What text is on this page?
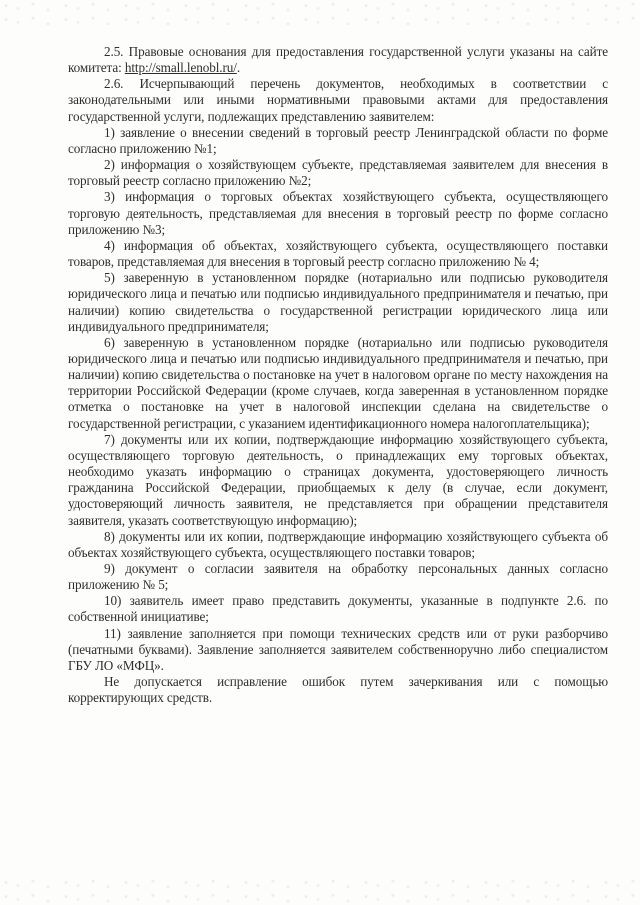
2.5. Правовые основания для предоставления государственной услуги указаны на сайте комитета: http://small.lenobl.ru/.

2.6. Исчерпывающий перечень документов, необходимых в соответствии с законодательными или иными нормативными правовыми актами для предоставления государственной услуги, подлежащих представлению заявителем:

1) заявление о внесении сведений в торговый реестр Ленинградской области по форме согласно приложению №1;

2) информация о хозяйствующем субъекте, представляемая заявителем для внесения в торговый реестр согласно приложению №2;

3) информация о торговых объектах хозяйствующего субъекта, осуществляющего торговую деятельность, представляемая для внесения в торговый реестр по форме согласно приложению №3;

4) информация об объектах, хозяйствующего субъекта, осуществляющего поставки товаров, представляемая для внесения в торговый реестр согласно приложению № 4;

5) заверенную в установленном порядке (нотариально или подписью руководителя юридического лица и печатью или подписью индивидуального предпринимателя и печатью, при наличии) копию свидетельства о государственной регистрации юридического лица или индивидуального предпринимателя;

6) заверенную в установленном порядке (нотариально или подписью руководителя юридического лица и печатью или подписью индивидуального предпринимателя и печатью, при наличии) копию свидетельства о постановке на учет в налоговом органе по месту нахождения на территории Российской Федерации (кроме случаев, когда заверенная в установленном порядке отметка о постановке на учет в налоговой инспекции сделана на свидетельстве о государственной регистрации, с указанием идентификационного номера налогоплательщика);

7) документы или их копии, подтверждающие информацию хозяйствующего субъекта, осуществляющего торговую деятельность, о принадлежащих ему торговых объектах, необходимо указать информацию о страницах документа, удостоверяющего личность гражданина Российской Федерации, приобщаемых к делу (в случае, если документ, удостоверяющий личность заявителя, не представляется при обращении представителя заявителя, указать соответствующую информацию);

8) документы или их копии, подтверждающие информацию хозяйствующего субъекта об объектах хозяйствующего субъекта, осуществляющего поставки товаров;

9) документ о согласии заявителя на обработку персональных данных согласно приложению № 5;

10) заявитель имеет право представить документы, указанные в подпункте 2.6. по собственной инициативе;

11) заявление заполняется при помощи технических средств или от руки разборчиво (печатными буквами). Заявление заполняется заявителем собственноручно либо специалистом ГБУ ЛО «МФЦ».

Не допускается исправление ошибок путем зачеркивания или с помощью корректирующих средств.
